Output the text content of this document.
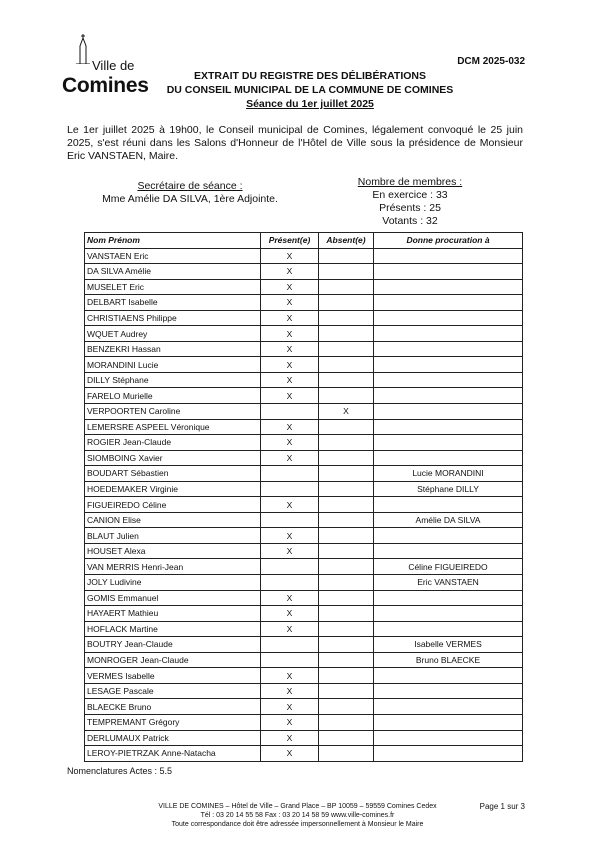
Ville de
Comines
DCM 2025-032
EXTRAIT DU REGISTRE DES DÉLIBÉRATIONS
DU CONSEIL MUNICIPAL DE LA COMMUNE DE COMINES
Séance du 1er juillet 2025
Le 1er juillet 2025 à 19h00, le Conseil municipal de Comines, légalement convoqué le 25 juin 2025, s'est réuni dans les Salons d'Honneur de l'Hôtel de Ville sous la présidence de Monsieur Eric VANSTAEN, Maire.
Secrétaire de séance :
Mme Amélie DA SILVA, 1ère Adjointe.
Nombre de membres :
En exercice : 33
Présents : 25
Votants : 32
Nom Prénom	Présent(e)	Absent(e)	Donne procuration à
VANSTAEN Eric	X		
DA SILVA Amélie	X		
MUSELET Eric	X		
DELBART Isabelle	X		
CHRISTIAENS Philippe	X		
WQUET Audrey	X		
BENZEKRI Hassan	X		
MORANDINI Lucie	X		
DILLY Stéphane	X		
FARELO Murielle	X		
VERPOORTEN Caroline		X	
LEMERSRE ASPEEL Véronique	X		
ROGIER Jean-Claude	X		
SIOMBOING Xavier	X		
BOUDART Sébastien			Lucie MORANDINI
HOEDEMAKER Virginie			Stéphane DILLY
FIGUEIREDO Céline	X		
CANION Elise			Amélie DA SILVA
BLAUT Julien	X		
HOUSET Alexa	X		
VAN MERRIS Henri-Jean			Céline FIGUEIREDO
JOLY Ludivine			Eric VANSTAEN
GOMIS Emmanuel	X		
HAYAERT Mathieu	X		
HOFLACK Martine	X		
BOUTRY Jean-Claude			Isabelle VERMES
MONROGER Jean-Claude			Bruno BLAECKE
VERMES Isabelle	X		
LESAGE Pascale	X		
BLAECKE Bruno	X		
TEMPREMANT Grégory	X		
DERLUMAUX Patrick	X		
LEROY-PIETRZAK Anne-Natacha	X		
Nomenclatures Actes : 5.5
VILLE DE COMINES – Hôtel de Ville – Grand Place – BP 10059 – 59559 Comines Cedex
Tél : 03 20 14 55 58 Fax : 03 20 14 58 59 www.ville-comines.fr
Toute correspondance doit être adressée impersonnellement à Monsieur le Maire
Page 1 sur 3
